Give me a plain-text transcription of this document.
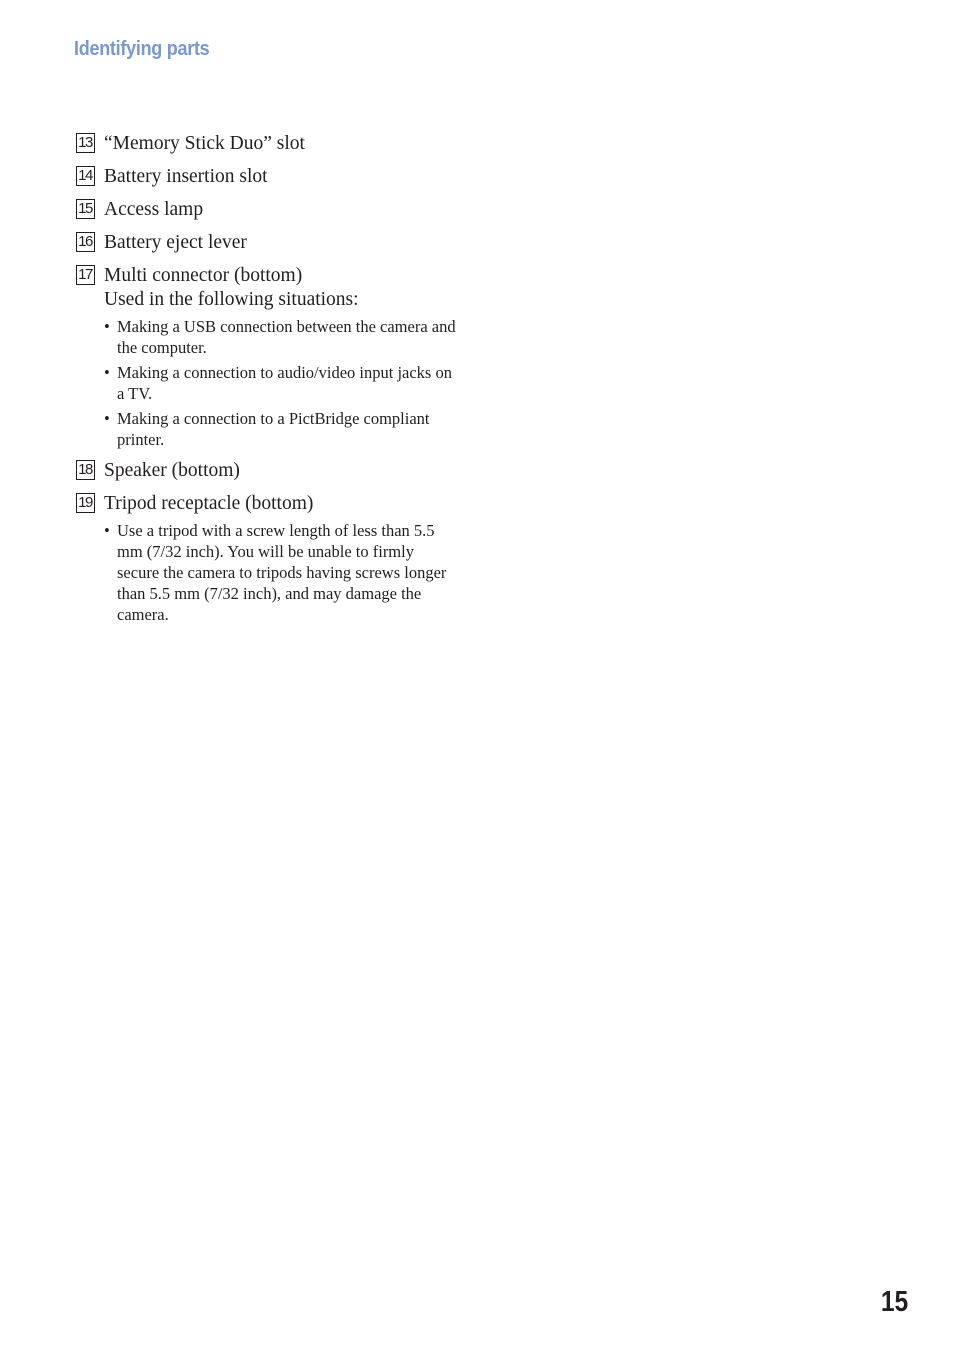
Identifying parts
13 “Memory Stick Duo” slot
14 Battery insertion slot
15 Access lamp
16 Battery eject lever
17 Multi connector (bottom)
Used in the following situations:
• Making a USB connection between the camera and the computer.
• Making a connection to audio/video input jacks on a TV.
• Making a connection to a PictBridge compliant printer.
18 Speaker (bottom)
19 Tripod receptacle (bottom)
• Use a tripod with a screw length of less than 5.5 mm (7/32 inch). You will be unable to firmly secure the camera to tripods having screws longer than 5.5 mm (7/32 inch), and may damage the camera.
15
